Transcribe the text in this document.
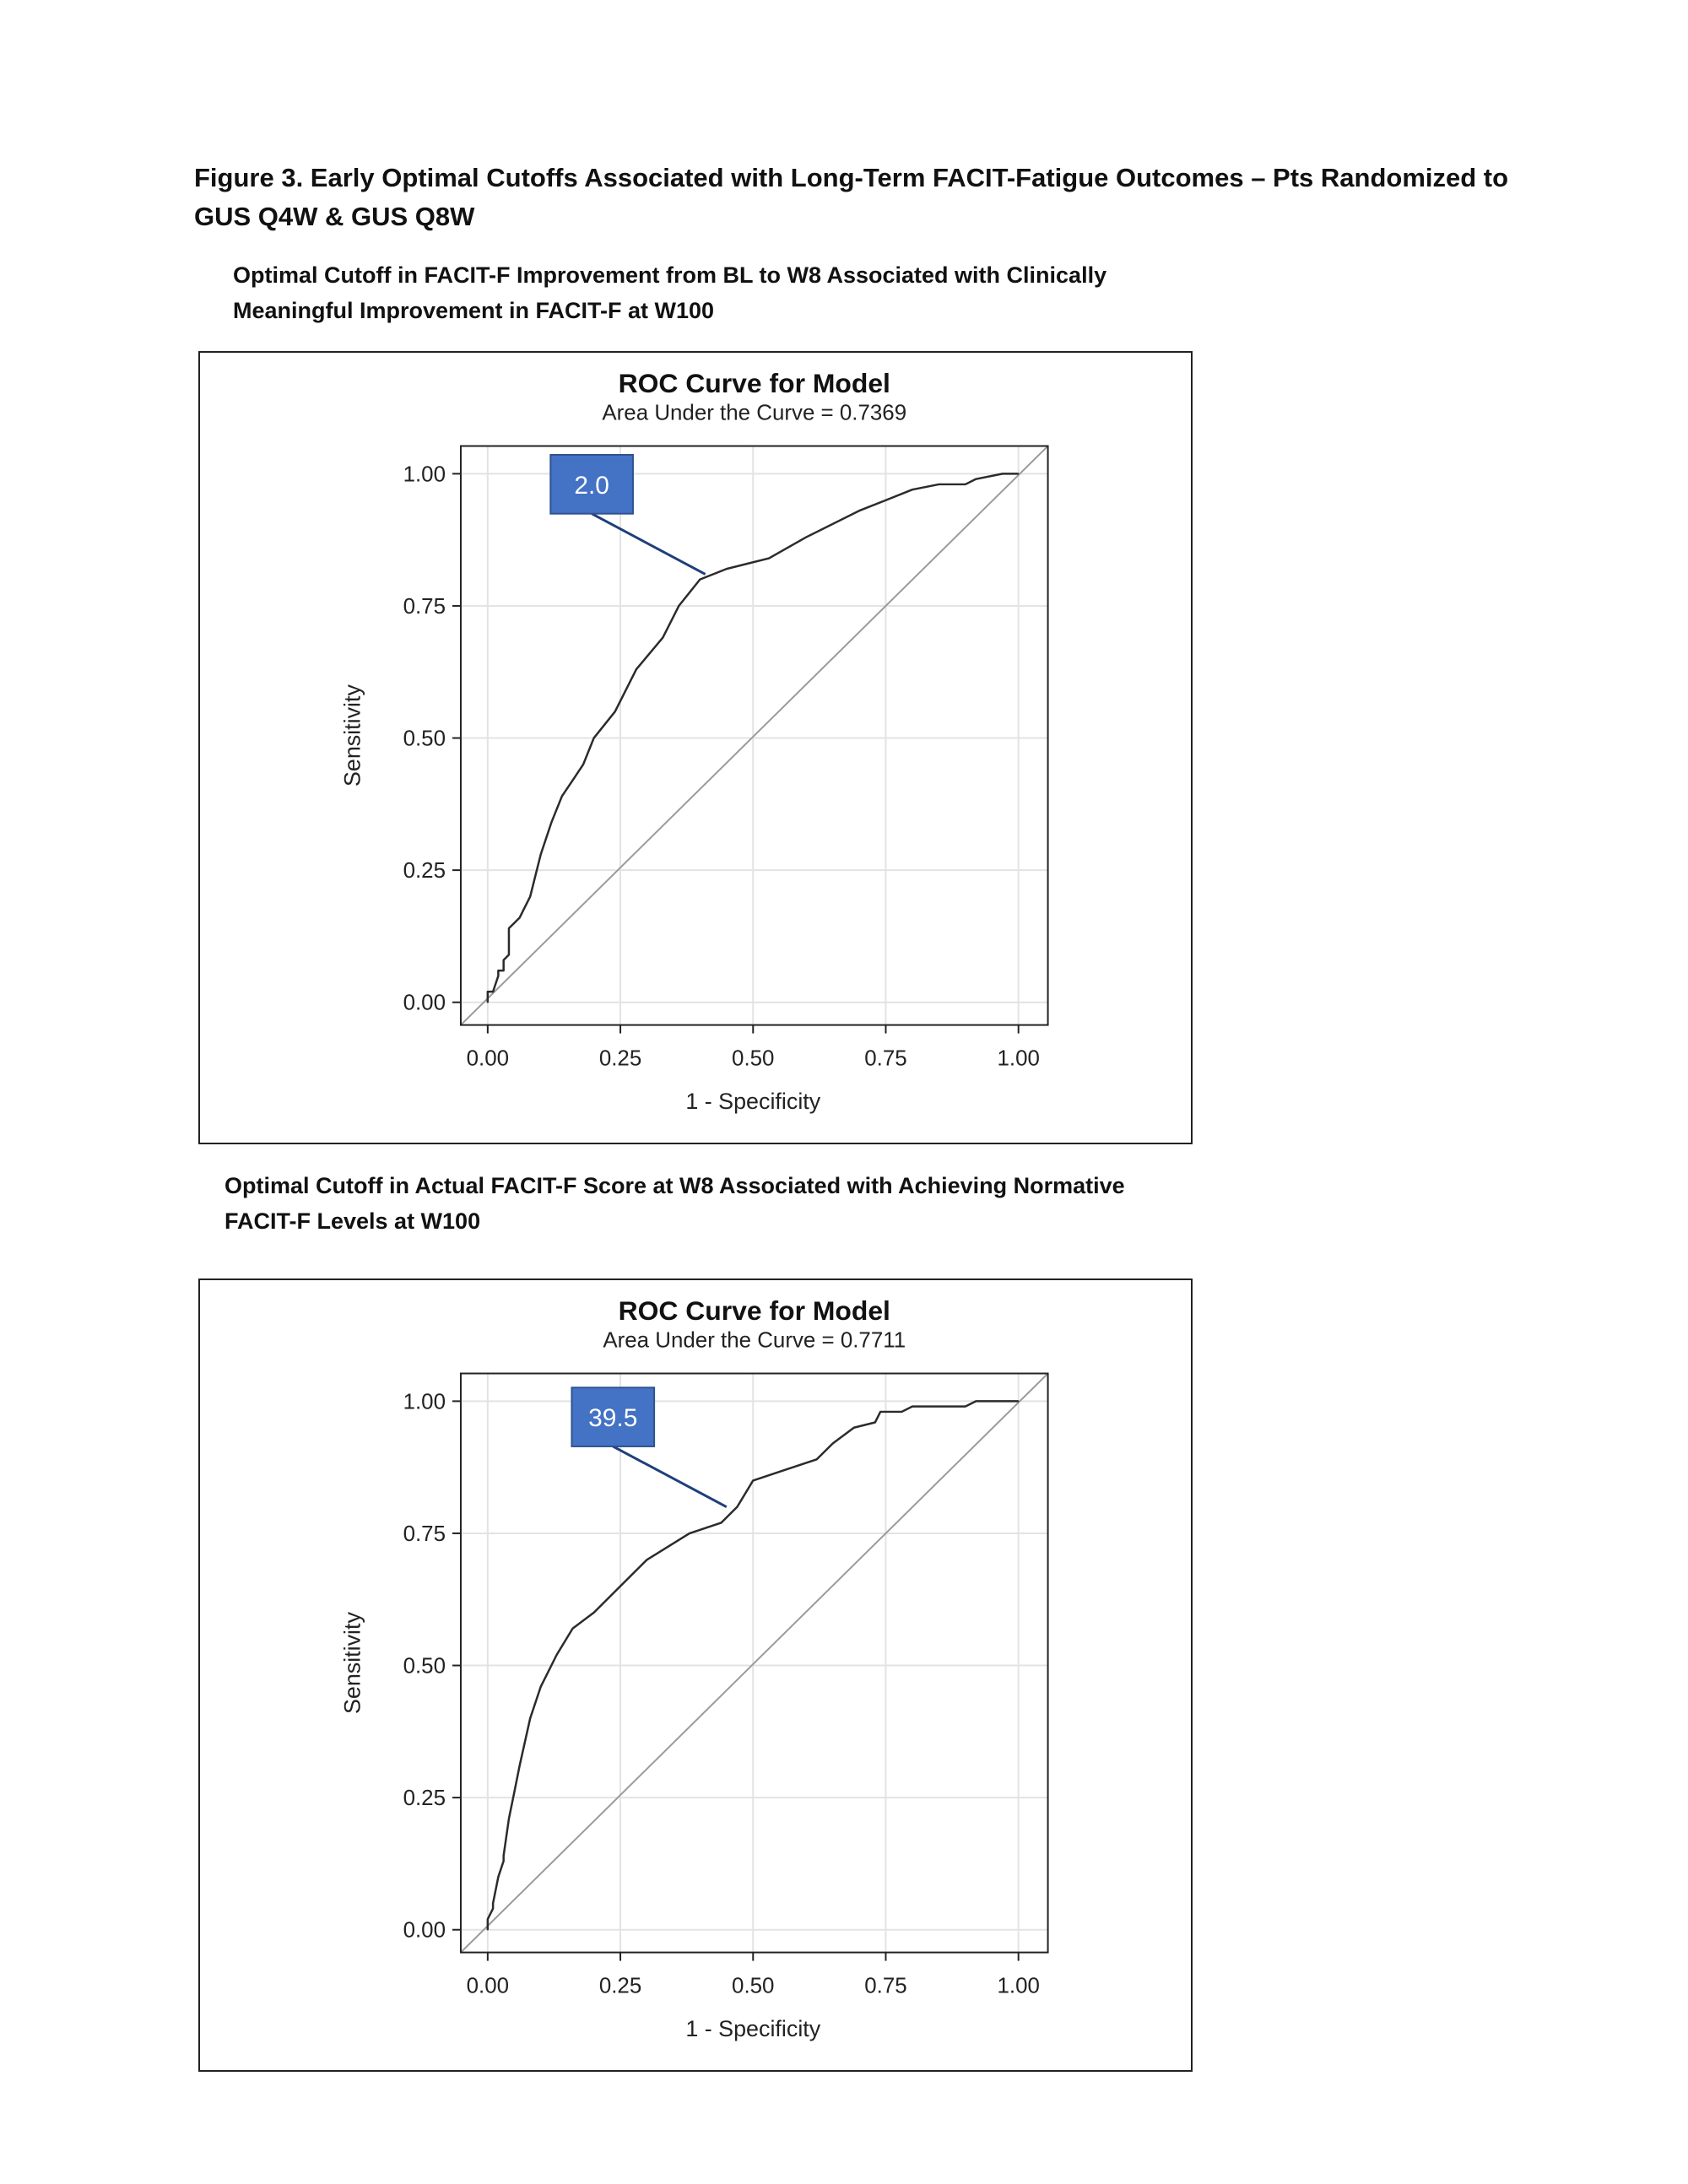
Figure 3. Early Optimal Cutoffs Associated with Long-Term FACIT-Fatigue Outcomes – Pts Randomized to GUS Q4W & GUS Q8W
Optimal Cutoff in FACIT-F Improvement from BL to W8 Associated with Clinically
Meaningful Improvement in FACIT-F at W100
ROC Curve for Model
Area Under the Curve = 0.7369
0.00	0.25	0.50	0.75	1.00
0.00
0.25
0.50
0.75
1.00
1 - Specificity
Sensitivity
2.0
Optimal Cutoff in Actual FACIT-F Score at W8 Associated with Achieving Normative
FACIT-F Levels at W100
ROC Curve for Model
Area Under the Curve = 0.7711
0.00	0.25	0.50	0.75	1.00
0.00
0.25
0.50
0.75
1.00
1 - Specificity
Sensitivity
39.5
